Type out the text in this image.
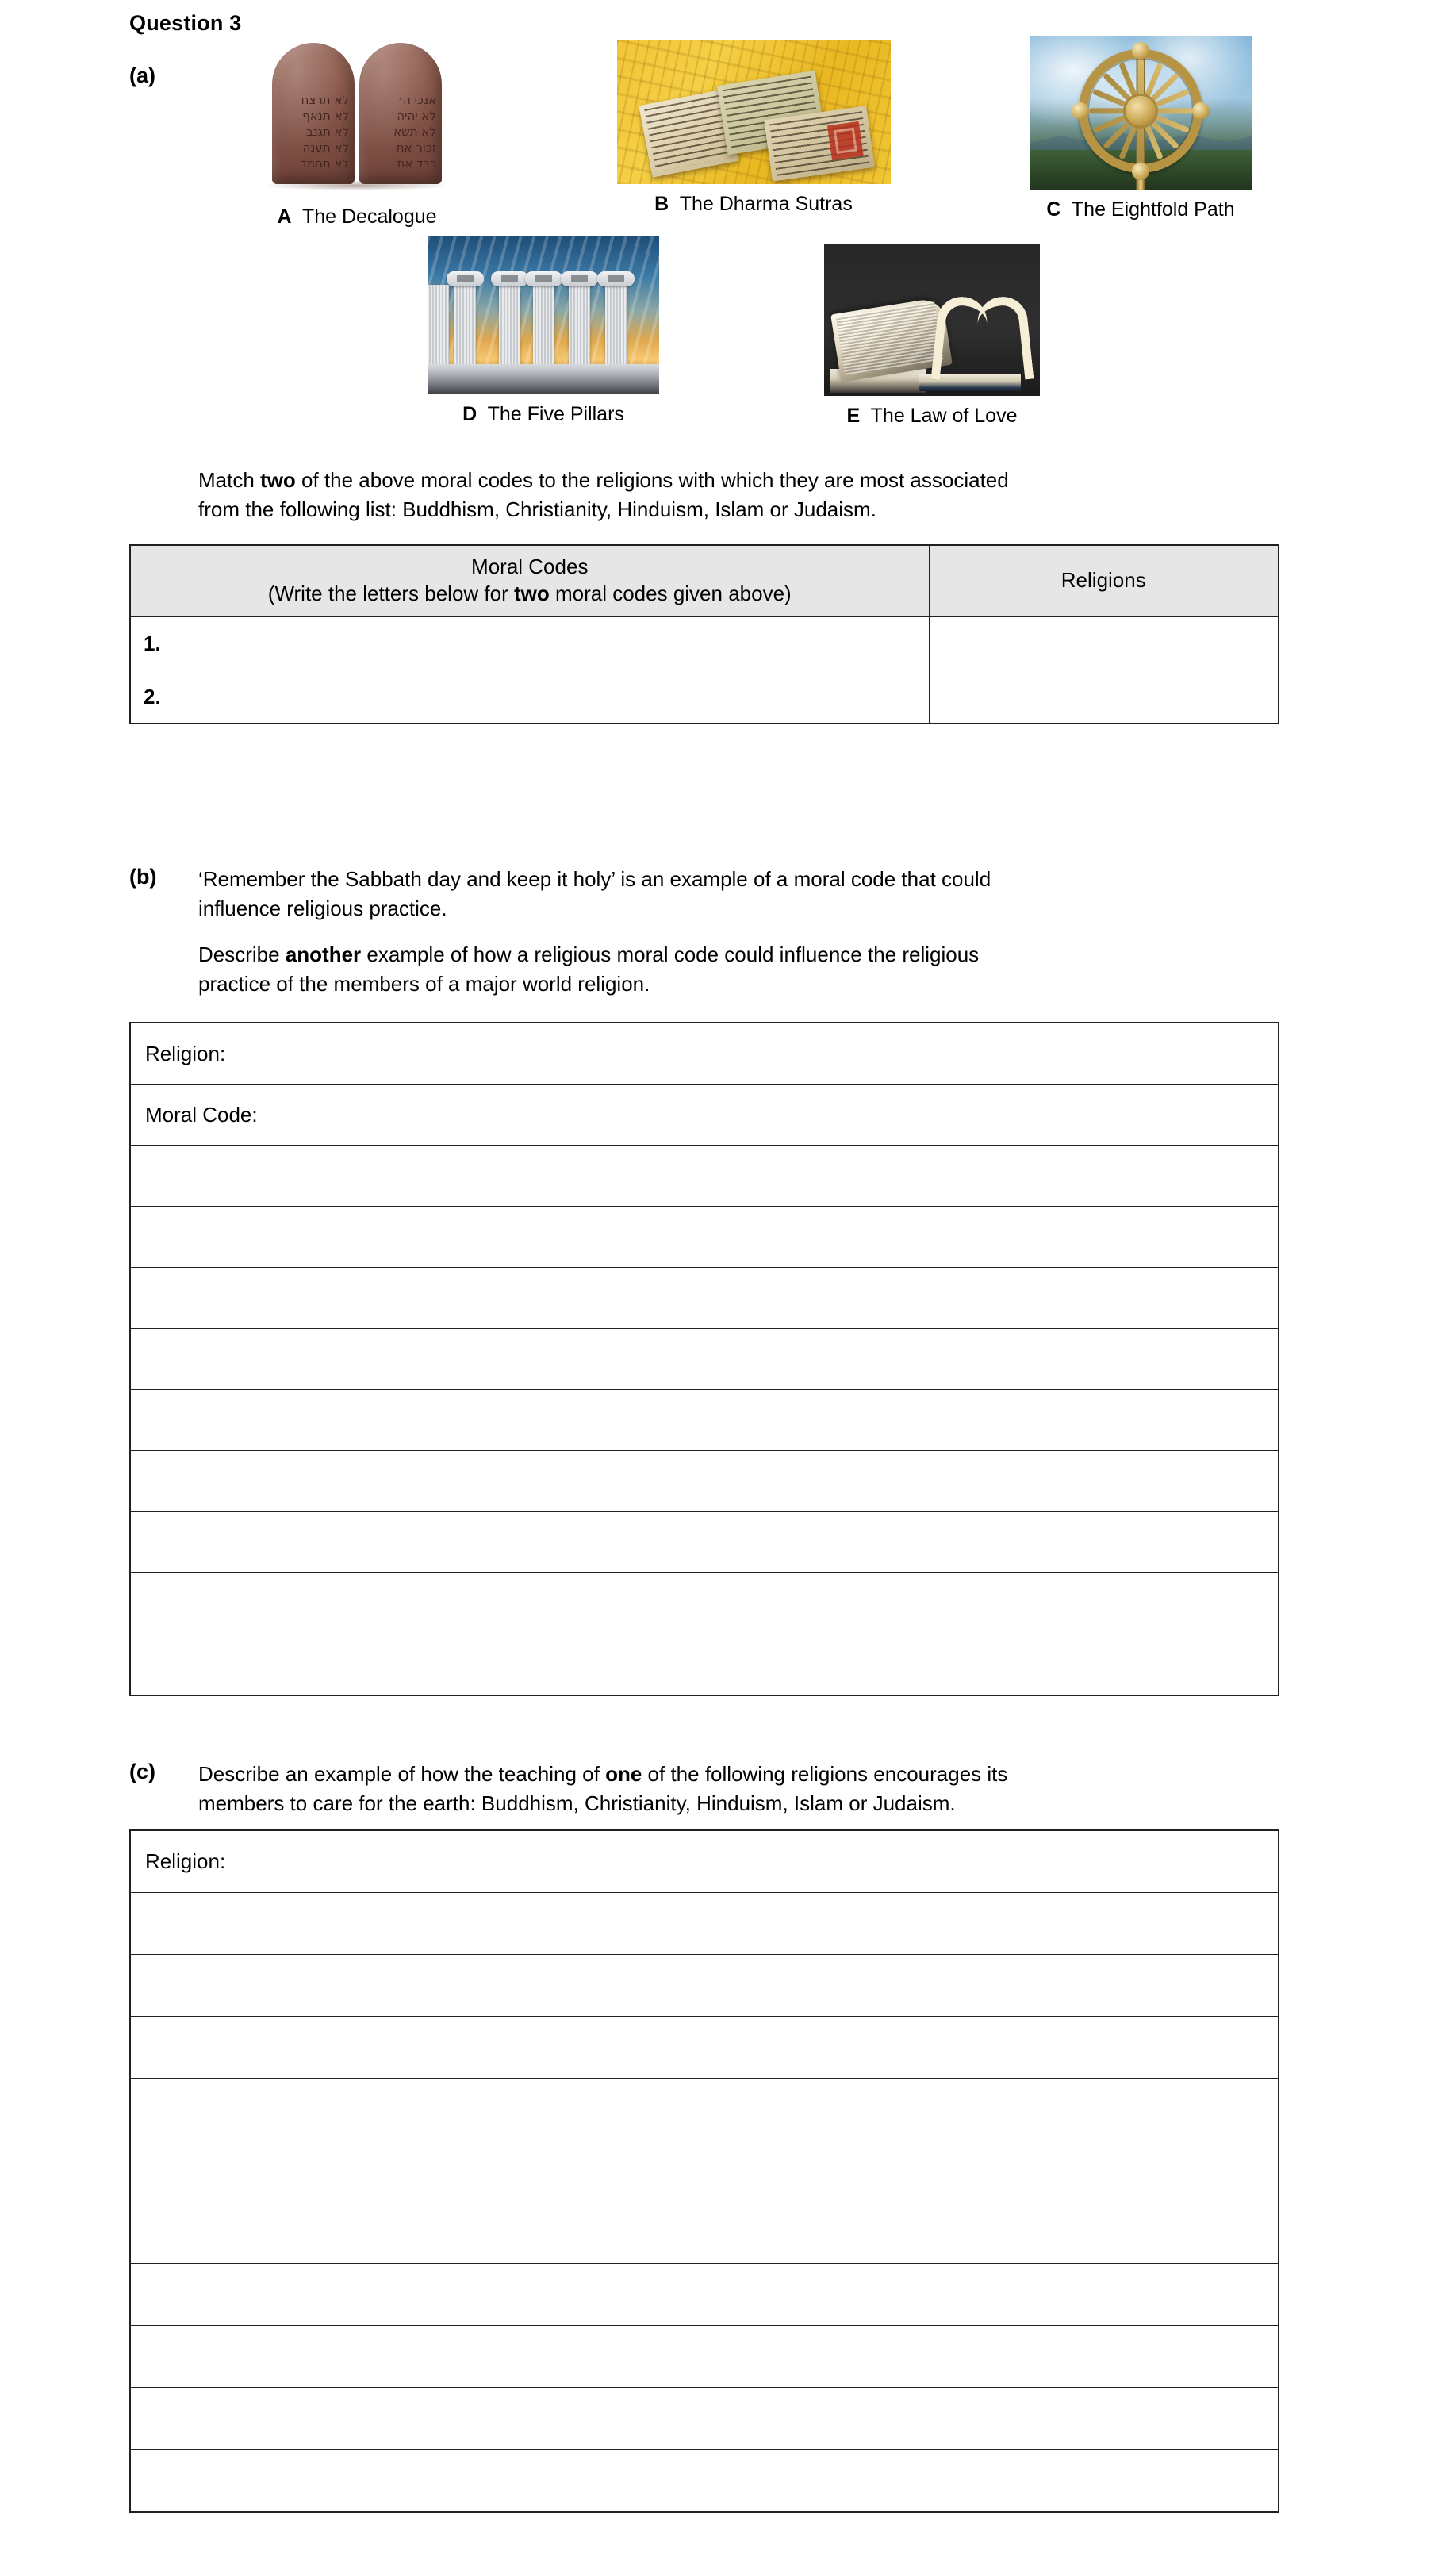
Question 3
(a)
לא תרצח
לא תנאף
לא תגנב
לא תענה
לא תחמד
אנכי ה׳
לא יהיה
לא תשא
זכור את
כבד את
A The Decalogue
B The Dharma Sutras	C The Eightfold Path
D The Five Pillars	E The Law of Love
Match two of the above moral codes to the religions with which they are most associated
from the following list: Buddhism, Christianity, Hinduism, Islam or Judaism.
Moral Codes
(Write the letters below for two moral codes given above)	Religions
1.	
2.	
(b) ‘Remember the Sabbath day and keep it holy’ is an example of a moral code that could
influence religious practice.
Describe another example of how a religious moral code could influence the religious
practice of the members of a major world religion.
Religion:
Moral Code:

(c) Describe an example of how the teaching of one of the following religions encourages its
members to care for the earth: Buddhism, Christianity, Hinduism, Islam or Judaism.
Religion:
